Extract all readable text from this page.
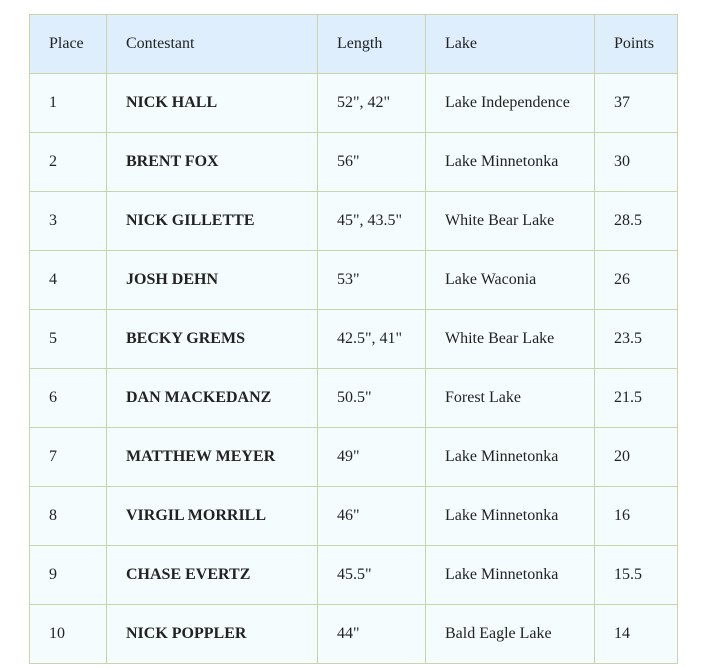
Place	Contestant	Length	Lake	Points
1	NICK HALL	52", 42"	Lake Independence	37
2	BRENT FOX	56"	Lake Minnetonka	30
3	NICK GILLETTE	45", 43.5"	White Bear Lake	28.5
4	JOSH DEHN	53"	Lake Waconia	26
5	BECKY GREMS	42.5", 41"	White Bear Lake	23.5
6	DAN MACKEDANZ	50.5"	Forest Lake	21.5
7	MATTHEW MEYER	49"	Lake Minnetonka	20
8	VIRGIL MORRILL	46"	Lake Minnetonka	16
9	CHASE EVERTZ	45.5"	Lake Minnetonka	15.5
10	NICK POPPLER	44"	Bald Eagle Lake	14
